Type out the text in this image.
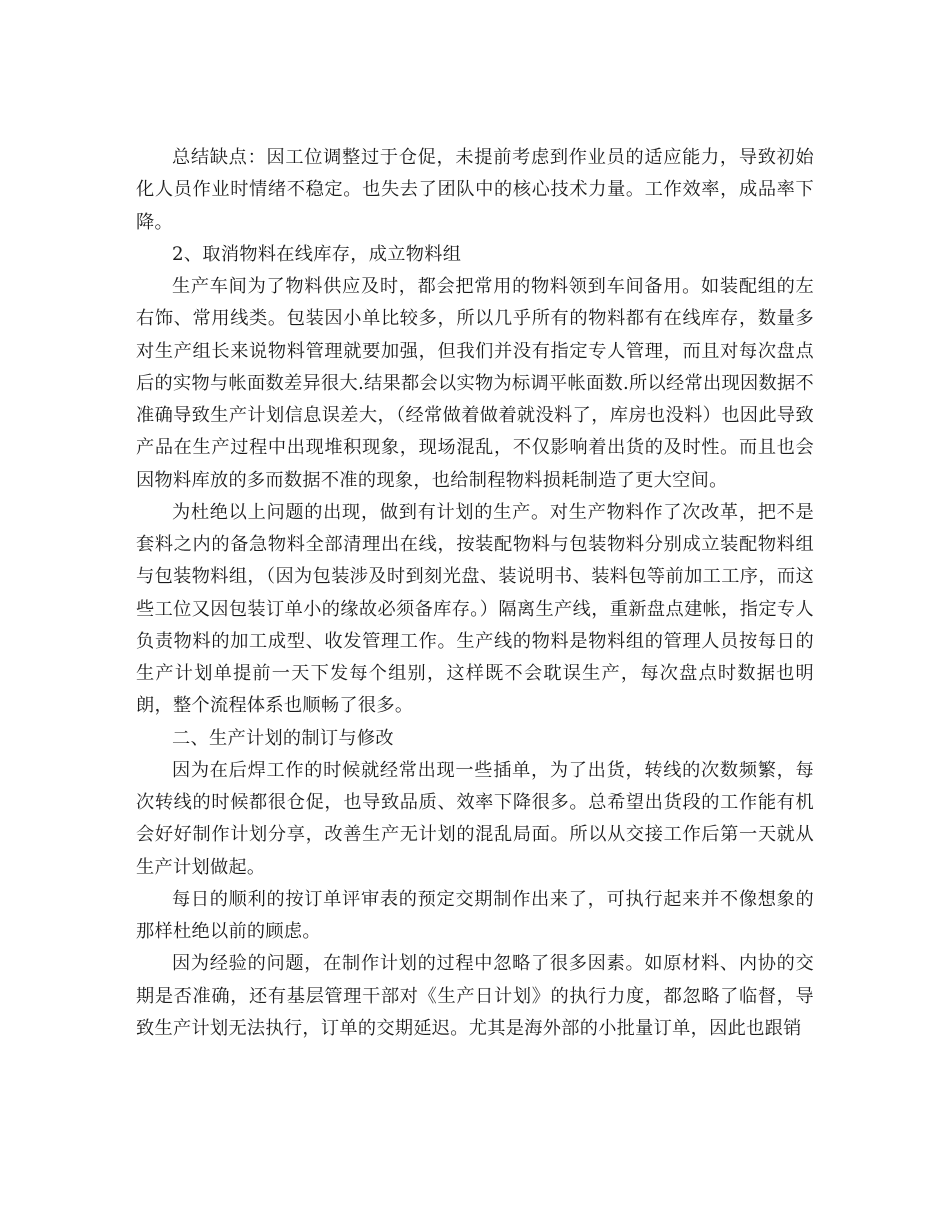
总结缺点：因工位调整过于仓促，未提前考虑到作业员的适应能力，导致初始化人员作业时情绪不稳定。也失去了团队中的核心技术力量。工作效率，成品率下降。

2、取消物料在线库存，成立物料组

生产车间为了物料供应及时，都会把常用的物料领到车间备用。如装配组的左右饰、常用线类。包装因小单比较多，所以几乎所有的物料都有在线库存，数量多对生产组长来说物料管理就要加强，但我们并没有指定专人管理，而且对每次盘点后的实物与帐面数差异很大.结果都会以实物为标调平帐面数.所以经常出现因数据不准确导致生产计划信息误差大，（经常做着做着就没料了，库房也没料）也因此导致产品在生产过程中出现堆积现象，现场混乱，不仅影响着出货的及时性。而且也会因物料库放的多而数据不准的现象，也给制程物料损耗制造了更大空间。

为杜绝以上问题的出现，做到有计划的生产。对生产物料作了次改革，把不是套料之内的备急物料全部清理出在线，按装配物料与包装物料分别成立装配物料组与包装物料组，（因为包装涉及时到刻光盘、装说明书、装料包等前加工工序，而这些工位又因包装订单小的缘故必须备库存。）隔离生产线，重新盘点建帐，指定专人负责物料的加工成型、收发管理工作。生产线的物料是物料组的管理人员按每日的生产计划单提前一天下发每个组别，这样既不会耽误生产，每次盘点时数据也明朗，整个流程体系也顺畅了很多。

二、生产计划的制订与修改

因为在后焊工作的时候就经常出现一些插单，为了出货，转线的次数频繁，每次转线的时候都很仓促，也导致品质、效率下降很多。总希望出货段的工作能有机会好好制作计划分享，改善生产无计划的混乱局面。所以从交接工作后第一天就从生产计划做起。

每日的顺利的按订单评审表的预定交期制作出来了，可执行起来并不像想象的那样杜绝以前的顾虑。

因为经验的问题，在制作计划的过程中忽略了很多因素。如原材料、内协的交期是否准确，还有基层管理干部对《生产日计划》的执行力度，都忽略了临督，导致生产计划无法执行，订单的交期延迟。尤其是海外部的小批量订单，因此也跟销
